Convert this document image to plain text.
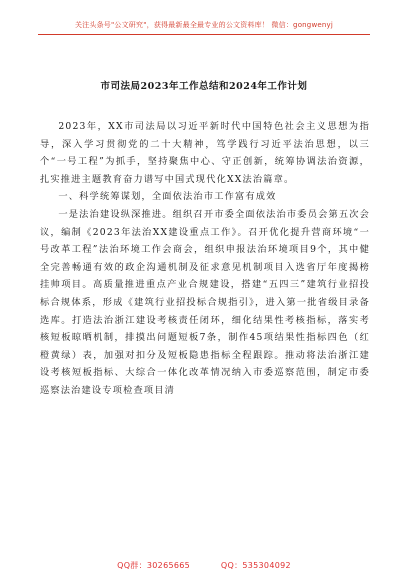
关注头条号"公文研究"，获得最新最全最专业的公文资料库！ 微信：gongwenyj
市司法局2023年工作总结和2024年工作计划

2023年，XX市司法局以习近平新时代中国特色社会主义思想为指导，深入学习贯彻党的二十大精神，笃学践行习近平法治思想，以三个“一号工程”为抓手，坚持聚焦中心、守正创新，统筹协调法治资源，扎实推进主题教育奋力谱写中国式现代化XX法治篇章。

一、科学统筹谋划，全面依法治市工作富有成效

一是法治建设纵深推进。组织召开市委全面依法治市委员会第五次会议，编制《2023年法治XX建设重点工作》。召开优化提升营商环境“一号改革工程”法治环境工作会商会，组织申报法治环境项目9个，其中健全完善畅通有效的政企沟通机制及征求意见机制项目入选省厅年度揭榜挂帅项目。高质量推进重点产业合规建设，搭建“五四三”建筑行业招投标合规体系，形成《建筑行业招投标合规指引》，进入第一批省级目录备选库。打造法治浙江建设考核责任闭环，细化结果性考核指标，落实考核短板晾晒机制，排摸出问题短板7条，制作45项结果性指标四色（红橙黄绿）表，加强对扣分及短板隐患指标全程跟踪。推动将法治浙江建设考核短板指标、大综合一体化改革情况纳入市委巡察范围，制定市委巡察法治建设专项检查项目清

QQ群：30265665	QQ：535304092
